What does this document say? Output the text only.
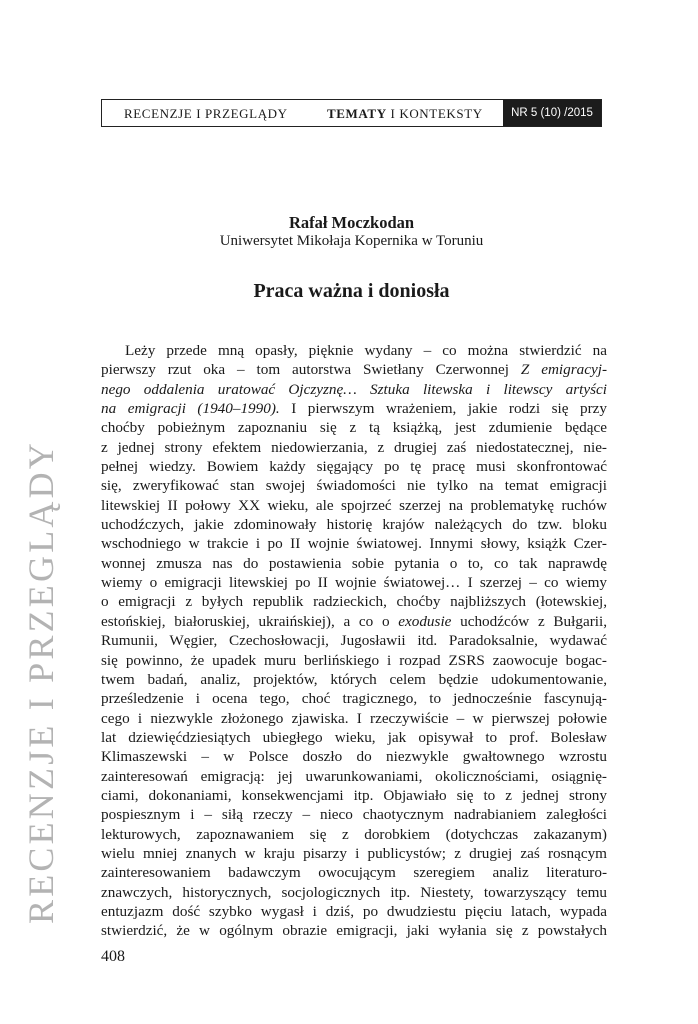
RECENZJE I PRZEGLĄDY	TEMATY I KONTEKSTY	NR 5 (10) /2015
RECENZJE I PRZEGLĄDY
Rafał Moczkodan
Uniwersytet Mikołaja Kopernika w Toruniu
Praca ważna i doniosła
Leży przede mną opasły, pięknie wydany – co można stwierdzić na
pierwszy rzut oka – tom autorstwa Swietłany Czerwonnej Z emigracyj-
nego oddalenia uratować Ojczyznę… Sztuka litewska i litewscy artyści
na emigracji (1940–1990). I pierwszym wrażeniem, jakie rodzi się przy
choćby pobieżnym zapoznaniu się z tą książką, jest zdumienie będące
z jednej strony efektem niedowierzania, z drugiej zaś niedostatecznej, nie-
pełnej wiedzy. Bowiem każdy sięgający po tę pracę musi skonfrontować
się, zweryfikować stan swojej świadomości nie tylko na temat emigracji
litewskiej II połowy XX wieku, ale spojrzeć szerzej na problematykę ruchów
uchodźczych, jakie zdominowały historię krajów należących do tzw. bloku
wschodniego w trakcie i po II wojnie światowej. Innymi słowy, książk Czer-
wonnej zmusza nas do postawienia sobie pytania o to, co tak naprawdę
wiemy o emigracji litewskiej po II wojnie światowej… I szerzej – co wiemy
o emigracji z byłych republik radzieckich, choćby najbliższych (łotewskiej,
estońskiej, białoruskiej, ukraińskiej), a co o exodusie uchodźców z Bułgarii,
Rumunii, Węgier, Czechosłowacji, Jugosławii itd. Paradoksalnie, wydawać
się powinno, że upadek muru berlińskiego i rozpad ZSRS zaowocuje bogac-
twem badań, analiz, projektów, których celem będzie udokumentowanie,
prześledzenie i ocena tego, choć tragicznego, to jednocześnie fascynują-
cego i niezwykle złożonego zjawiska. I rzeczywiście – w pierwszej połowie
lat dziewięćdziesiątych ubiegłego wieku, jak opisywał to prof. Bolesław
Klimaszewski – w Polsce doszło do niezwykle gwałtownego wzrostu
zainteresowań emigracją: jej uwarunkowaniami, okolicznościami, osiągnię-
ciami, dokonaniami, konsekwencjami itp. Objawiało się to z jednej strony
pospiesznym i – siłą rzeczy – nieco chaotycznym nadrabianiem zaległości
lekturowych, zapoznawaniem się z dorobkiem (dotychczas zakazanym)
wielu mniej znanych w kraju pisarzy i publicystów; z drugiej zaś rosnącym
zainteresowaniem badawczym owocującym szeregiem analiz literaturo-
znawczych, historycznych, socjologicznych itp. Niestety, towarzyszący temu
entuzjazm dość szybko wygasł i dziś, po dwudziestu pięciu latach, wypada
stwierdzić, że w ogólnym obrazie emigracji, jaki wyłania się z powstałych
408
